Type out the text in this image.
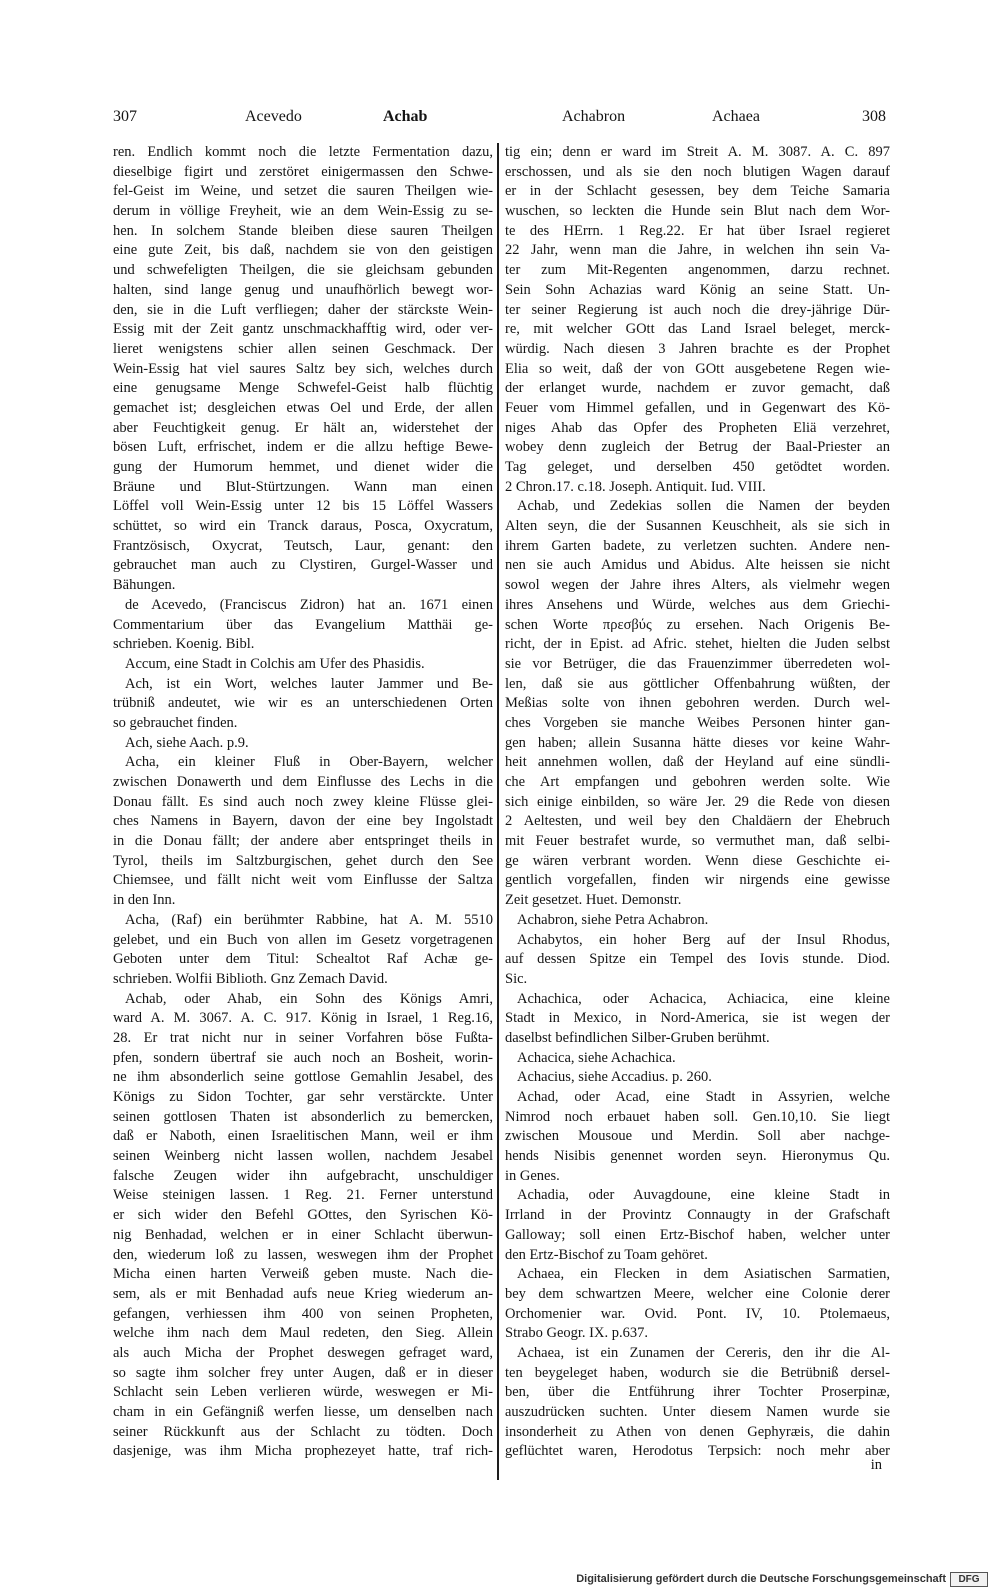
307	Acevedo	Achab	Achabron	Achaea	308
ren. Endlich kommt noch die letzte Fermentation dazu,
dieselbige figirt und zerstöret einigermassen den Schwe-
fel-Geist im Weine, und setzet die sauren Theilgen wie-
derum in völlige Freyheit, wie an dem Wein-Essig zu se-
hen. In solchem Stande bleiben diese sauren Theilgen
eine gute Zeit, bis daß, nachdem sie von den geistigen
und schwefeligten Theilgen, die sie gleichsam gebunden
halten, sind lange genug und unaufhörlich bewegt wor-
den, sie in die Luft verfliegen; daher der stärckste Wein-
Essig mit der Zeit gantz unschmackhafftig wird, oder ver-
lieret wenigstens schier allen seinen Geschmack. Der
Wein-Essig hat viel saures Saltz bey sich, welches durch
eine genugsame Menge Schwefel-Geist halb flüchtig
gemachet ist; desgleichen etwas Oel und Erde, der allen
aber Feuchtigkeit genug. Er hält an, widerstehet der
bösen Luft, erfrischet, indem er die allzu heftige Bewe-
gung der Humorum hemmet, und dienet wider die
Bräune und Blut-Stürtzungen. Wann man einen
Löffel voll Wein-Essig unter 12 bis 15 Löffel Wassers
schüttet, so wird ein Tranck daraus, Posca, Oxycratum,
Frantzösisch, Oxycrat, Teutsch, Laur, genant: den
gebrauchet man auch zu Clystiren, Gurgel-Wasser und
Bähungen.
de Acevedo, (Franciscus Zidron) hat an. 1671 einen
Commentarium über das Evangelium Matthäi ge-
schrieben. Koenig. Bibl.
Accum, eine Stadt in Colchis am Ufer des Phasidis.
Ach, ist ein Wort, welches lauter Jammer und Be-
trübniß andeutet, wie wir es an unterschiedenen Orten
so gebrauchet finden.
Ach, siehe Aach. p.9.
Acha, ein kleiner Fluß in Ober-Bayern, welcher
zwischen Donawerth und dem Einflusse des Lechs in die
Donau fällt. Es sind auch noch zwey kleine Flüsse glei-
ches Namens in Bayern, davon der eine bey Ingolstadt
in die Donau fällt; der andere aber entspringet theils in
Tyrol, theils im Saltzburgischen, gehet durch den See
Chiemsee, und fällt nicht weit vom Einflusse der Saltza
in den Inn.
Acha, (Raf) ein berühmter Rabbine, hat A. M. 5510
gelebet, und ein Buch von allen im Gesetz vorgetragenen
Geboten unter dem Titul: Schealtot Raf Achæ ge-
schrieben. Wolfii Biblioth. Gnz Zemach David.
Achab, oder Ahab, ein Sohn des Königs Amri,
ward A. M. 3067. A. C. 917. König in Israel, 1 Reg.16,
28. Er trat nicht nur in seiner Vorfahren böse Fußta-
pfen, sondern übertraf sie auch noch an Bosheit, worin-
ne ihm absonderlich seine gottlose Gemahlin Jesabel, des
Königs zu Sidon Tochter, gar sehr verstärckte. Unter
seinen gottlosen Thaten ist absonderlich zu bemercken,
daß er Naboth, einen Israelitischen Mann, weil er ihm
seinen Weinberg nicht lassen wollen, nachdem Jesabel
falsche Zeugen wider ihn aufgebracht, unschuldiger
Weise steinigen lassen. 1 Reg. 21. Ferner unterstund
er sich wider den Befehl GOttes, den Syrischen Kö-
nig Benhadad, welchen er in einer Schlacht überwun-
den, wiederum loß zu lassen, weswegen ihm der Prophet
Micha einen harten Verweiß geben muste. Nach die-
sem, als er mit Benhadad aufs neue Krieg wiederum an-
gefangen, verhiessen ihm 400 von seinen Propheten,
welche ihm nach dem Maul redeten, den Sieg. Allein
als auch Micha der Prophet deswegen gefraget ward,
so sagte ihm solcher frey unter Augen, daß er in dieser
Schlacht sein Leben verlieren würde, weswegen er Mi-
cham in ein Gefängniß werfen liesse, um denselben nach
seiner Rückkunft aus der Schlacht zu tödten. Doch
dasjenige, was ihm Micha prophezeyet hatte, traf rich-
tig ein; denn er ward im Streit A. M. 3087. A. C. 897
erschossen, und als sie den noch blutigen Wagen darauf
er in der Schlacht gesessen, bey dem Teiche Samaria
wuschen, so leckten die Hunde sein Blut nach dem Wor-
te des HErrn. 1 Reg.22. Er hat über Israel regieret
22 Jahr, wenn man die Jahre, in welchen ihn sein Va-
ter zum Mit-Regenten angenommen, darzu rechnet.
Sein Sohn Achazias ward König an seine Statt. Un-
ter seiner Regierung ist auch noch die drey-jährige Dür-
re, mit welcher GOtt das Land Israel beleget, merck-
würdig. Nach diesen 3 Jahren brachte es der Prophet
Elia so weit, daß der von GOtt ausgebetene Regen wie-
der erlanget wurde, nachdem er zuvor gemacht, daß
Feuer vom Himmel gefallen, und in Gegenwart des Kö-
niges Ahab das Opfer des Propheten Eliä verzehret,
wobey denn zugleich der Betrug der Baal-Priester an
Tag geleget, und derselben 450 getödtet worden.
2 Chron.17. c.18. Joseph. Antiquit. Iud. VIII.
Achab, und Zedekias sollen die Namen der beyden
Alten seyn, die der Susannen Keuschheit, als sie sich in
ihrem Garten badete, zu verletzen suchten. Andere nen-
nen sie auch Amidus und Abidus. Alte heissen sie nicht
sowol wegen der Jahre ihres Alters, als vielmehr wegen
ihres Ansehens und Würde, welches aus dem Griechi-
schen Worte πρεσβύς zu ersehen. Nach Origenis Be-
richt, der in Epist. ad Afric. stehet, hielten die Juden selbst
sie vor Betrüger, die das Frauenzimmer überredeten wol-
len, daß sie aus göttlicher Offenbahrung wüßten, der
Meßias solte von ihnen gebohren werden. Durch wel-
ches Vorgeben sie manche Weibes Personen hinter gan-
gen haben; allein Susanna hätte dieses vor keine Wahr-
heit annehmen wollen, daß der Heyland auf eine sündli-
che Art empfangen und gebohren werden solte. Wie
sich einige einbilden, so wäre Jer. 29 die Rede von diesen
2 Aeltesten, und weil bey den Chaldäern der Ehebruch
mit Feuer bestrafet wurde, so vermuthet man, daß selbi-
ge wären verbrant worden. Wenn diese Geschichte ei-
gentlich vorgefallen, finden wir nirgends eine gewisse
Zeit gesetzet. Huet. Demonstr.
Achabron, siehe Petra Achabron.
Achabytos, ein hoher Berg auf der Insul Rhodus,
auf dessen Spitze ein Tempel des Iovis stunde. Diod.
Sic.
Achachica, oder Achacica, Achiacica, eine kleine
Stadt in Mexico, in Nord-America, sie ist wegen der
daselbst befindlichen Silber-Gruben berühmt.
Achacica, siehe Achachica.
Achacius, siehe Accadius. p. 260.
Achad, oder Acad, eine Stadt in Assyrien, welche
Nimrod noch erbauet haben soll. Gen.10,10. Sie liegt
zwischen Mousoue und Merdin. Soll aber nachge-
hends Nisibis genennet worden seyn. Hieronymus Qu.
in Genes.
Achadia, oder Auvagdoune, eine kleine Stadt in
Irrland in der Provintz Connaugty in der Grafschaft
Galloway; soll einen Ertz-Bischof haben, welcher unter
den Ertz-Bischof zu Toam gehöret.
Achaea, ein Flecken in dem Asiatischen Sarmatien,
bey dem schwartzen Meere, welcher eine Colonie derer
Orchomenier war. Ovid. Pont. IV, 10. Ptolemaeus,
Strabo Geogr. IX. p.637.
Achaea, ist ein Zunamen der Cereris, den ihr die Al-
ten beygeleget haben, wodurch sie die Betrübniß dersel-
ben, über die Entführung ihrer Tochter Proserpinæ,
auszudrücken suchten. Unter diesem Namen wurde sie
insonderheit zu Athen von denen Gephyræis, die dahin
geflüchtet waren, Herodotus Terpsich: noch mehr aber
in
Digitalisierung gefördert durch die Deutsche Forschungsgemeinschaft	DFG
